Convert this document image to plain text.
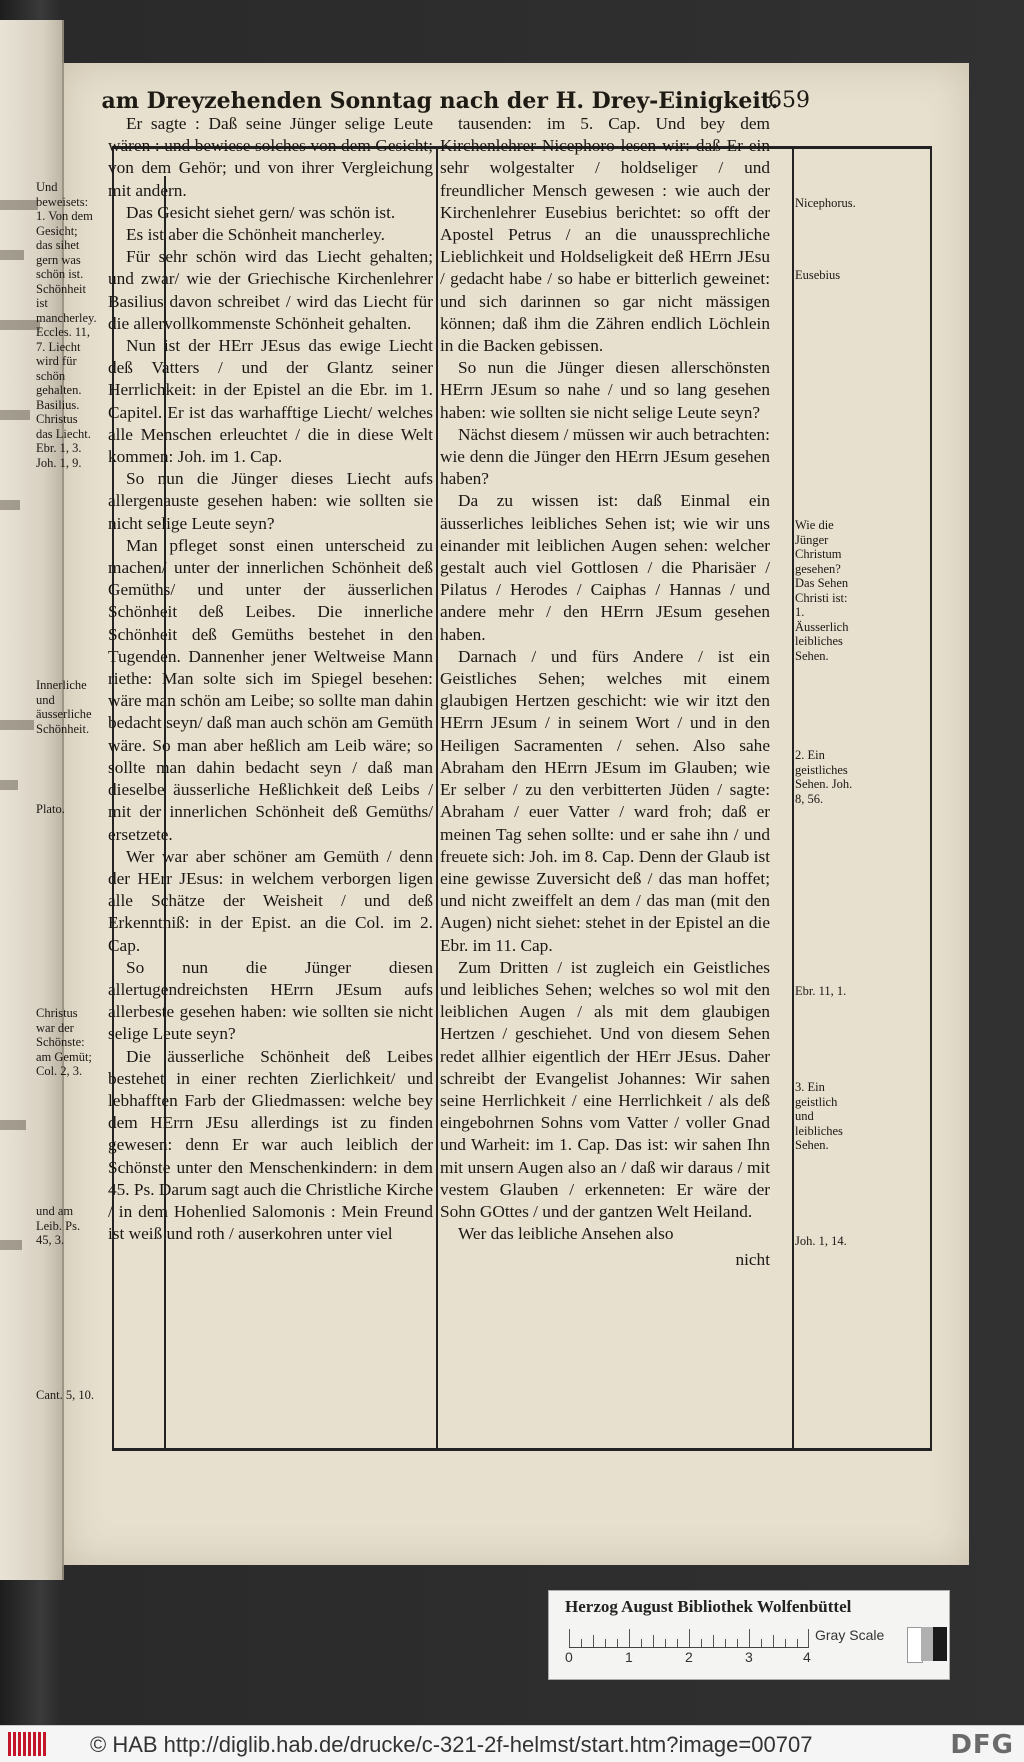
am Dreyzehenden Sonntag nach der H. Drey-Einigkeit.
659
Und beweisets: 1. Von dem Gesicht; das sihet gern was schön ist. Schönheit ist mancherley. Eccles. 11, 7. Liecht wird für schön gehalten. Basilius. Christus das Liecht. Ebr. 1, 3. Joh. 1, 9.
Innerliche und äusserliche Schönheit.
Plato.
Christus war der Schönste: am Gemüt; Col. 2, 3.
und am Leib. Ps. 45, 3.
Cant. 5, 10.

Er sagte : Daß seine Jünger selige Leute wären : und bewiese solches von dem Gesicht; von dem Gehör; und von ihrer Vergleichung mit andern.

Das Gesicht siehet gern/ was schön ist.

Es ist aber die Schönheit mancherley.

Für sehr schön wird das Liecht gehalten; und zwar/ wie der Griechische Kirchenlehrer Basilius davon schreibet / wird das Liecht für die allervollkommenste Schönheit gehalten.

Nun ist der HErr JEsus das ewige Liecht deß Vatters / und der Glantz seiner Herrlichkeit: in der Epistel an die Ebr. im 1. Capitel. Er ist das warhafftige Liecht/ welches alle Menschen erleuchtet / die in diese Welt kommen: Joh. im 1. Cap.

So nun die Jünger dieses Liecht aufs allergenauste gesehen haben: wie sollten sie nicht selige Leute seyn?

Man pfleget sonst einen unterscheid zu machen/ unter der innerlichen Schönheit deß Gemüths/ und unter der äusserlichen Schönheit deß Leibes. Die innerliche Schönheit deß Gemüths bestehet in den Tugenden. Dannenher jener Weltweise Mann riethe: Man solte sich im Spiegel besehen: wäre man schön am Leibe; so sollte man dahin bedacht seyn/ daß man auch schön am Gemüth wäre. So man aber heßlich am Leib wäre; so sollte man dahin bedacht seyn / daß man dieselbe äusserliche Heßlichkeit deß Leibs / mit der innerlichen Schönheit deß Gemüths/ ersetzete.

Wer war aber schöner am Gemüth / denn der HErr JEsus: in welchem verborgen ligen alle Schätze der Weisheit / und deß Erkenntniß: in der Epist. an die Col. im 2. Cap.

So nun die Jünger diesen allertugendreichsten HErrn JEsum aufs allerbeste gesehen haben: wie sollten sie nicht selige Leute seyn?

Die äusserliche Schönheit deß Leibes bestehet in einer rechten Zierlichkeit/ und lebhafften Farb der Gliedmassen: welche bey dem HErrn JEsu allerdings ist zu finden gewesen: denn Er war auch leiblich der Schönste unter den Menschenkindern: in dem 45. Ps. Darum sagt auch die Christliche Kirche / in dem Hohenlied Salomonis : Mein Freund ist weiß und roth / auserkohren unter viel

tausenden: im 5. Cap. Und bey dem Kirchenlehrer Nicephoro lesen wir: daß Er ein sehr wolgestalter / holdseliger / und freundlicher Mensch gewesen : wie auch der Kirchenlehrer Eusebius berichtet: so offt der Apostel Petrus / an die unaussprechliche Lieblichkeit und Holdseligkeit deß HErrn JEsu / gedacht habe / so habe er bitterlich geweinet: und sich darinnen so gar nicht mässigen können; daß ihm die Zähren endlich Löchlein in die Backen gebissen.

So nun die Jünger diesen allerschönsten HErrn JEsum so nahe / und so lang gesehen haben: wie sollten sie nicht selige Leute seyn?

Nächst diesem / müssen wir auch betrachten: wie denn die Jünger den HErrn JEsum gesehen haben?

Da zu wissen ist: daß Einmal ein äusserliches leibliches Sehen ist; wie wir uns einander mit leiblichen Augen sehen: welcher gestalt auch viel Gottlosen / die Pharisäer / Pilatus / Herodes / Caiphas / Hannas / und andere mehr / den HErrn JEsum gesehen haben.

Darnach / und fürs Andere / ist ein Geistliches Sehen; welches mit einem glaubigen Hertzen geschicht: wie wir itzt den HErrn JEsum / in seinem Wort / und in den Heiligen Sacramenten / sehen. Also sahe Abraham den HErrn JEsum im Glauben; wie Er selber / zu den verbitterten Jüden / sagte: Abraham / euer Vatter / ward froh; daß er meinen Tag sehen sollte: und er sahe ihn / und freuete sich: Joh. im 8. Cap. Denn der Glaub ist eine gewisse Zuversicht deß / das man hoffet; und nicht zweiffelt an dem / das man (mit den Augen) nicht siehet: stehet in der Epistel an die Ebr. im 11. Cap.

Zum Dritten / ist zugleich ein Geistliches und leibliches Sehen; welches so wol mit den leiblichen Augen / als mit dem glaubigen Hertzen / geschiehet. Und von diesem Sehen redet allhier eigentlich der HErr JEsus. Daher schreibt der Evangelist Johannes: Wir sahen seine Herrlichkeit / eine Herrlichkeit / als deß eingebohrnen Sohns vom Vatter / voller Gnad und Warheit: im 1. Cap. Das ist: wir sahen Ihn mit unsern Augen also an / daß wir daraus / mit vestem Glauben / erkenneten: Er wäre der Sohn GOttes / und der gantzen Welt Heiland.

Wer das leibliche Ansehen also

nicht

Nicephorus.
Eusebius
Wie die Jünger Christum gesehen? Das Sehen Christi ist: 1. Äusserlich leibliches Sehen.
2. Ein geistliches Sehen. Joh. 8, 56.
Ebr. 11, 1.
3. Ein geistlich und leibliches Sehen.
Joh. 1, 14.
Herzog August Bibliothek Wolfenbüttel
0	1	2	3	4
Gray Scale
© HAB http://diglib.hab.de/drucke/c-321-2f-helmst/start.htm?image=00707	DFG
